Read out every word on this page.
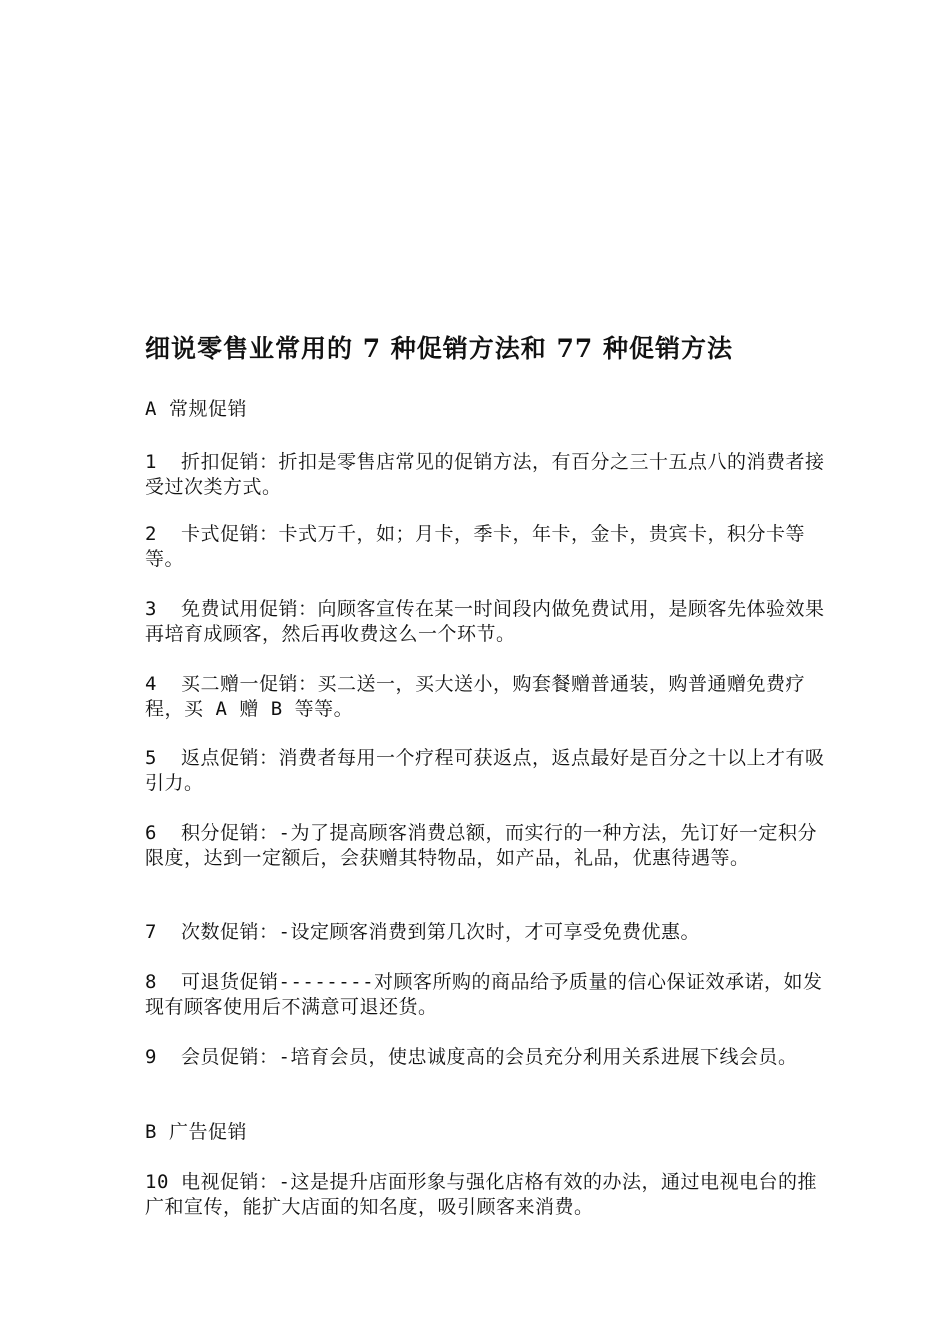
细说零售业常用的 7 种促销方法和 77 种促销方法
A 常规促销
1 折扣促销：折扣是零售店常见的促销方法，有百分之三十五点八的消费者接受过次类方式。
2 卡式促销：卡式万千，如；月卡，季卡，年卡，金卡，贵宾卡，积分卡等等。
3 免费试用促销：向顾客宣传在某一时间段内做免费试用，是顾客先体验效果再培育成顾客，然后再收费这么一个环节。
4 买二赠一促销：买二送一，买大送小，购套餐赠普通装，购普通赠免费疗程，买 A 赠 B 等等。
5 返点促销：消费者每用一个疗程可获返点，返点最好是百分之十以上才有吸引力。
6 积分促销：-为了提高顾客消费总额，而实行的一种方法，先订好一定积分限度，达到一定额后，会获赠其特物品，如产品，礼品，优惠待遇等。
7 次数促销：-设定顾客消费到第几次时，才可享受免费优惠。
8 可退货促销--------对顾客所购的商品给予质量的信心保证效承诺，如发现有顾客使用后不满意可退还货。
9 会员促销：-培育会员，使忠诚度高的会员充分利用关系进展下线会员。
B 广告促销
10 电视促销：-这是提升店面形象与强化店格有效的办法，通过电视电台的推广和宣传，能扩大店面的知名度，吸引顾客来消费。
